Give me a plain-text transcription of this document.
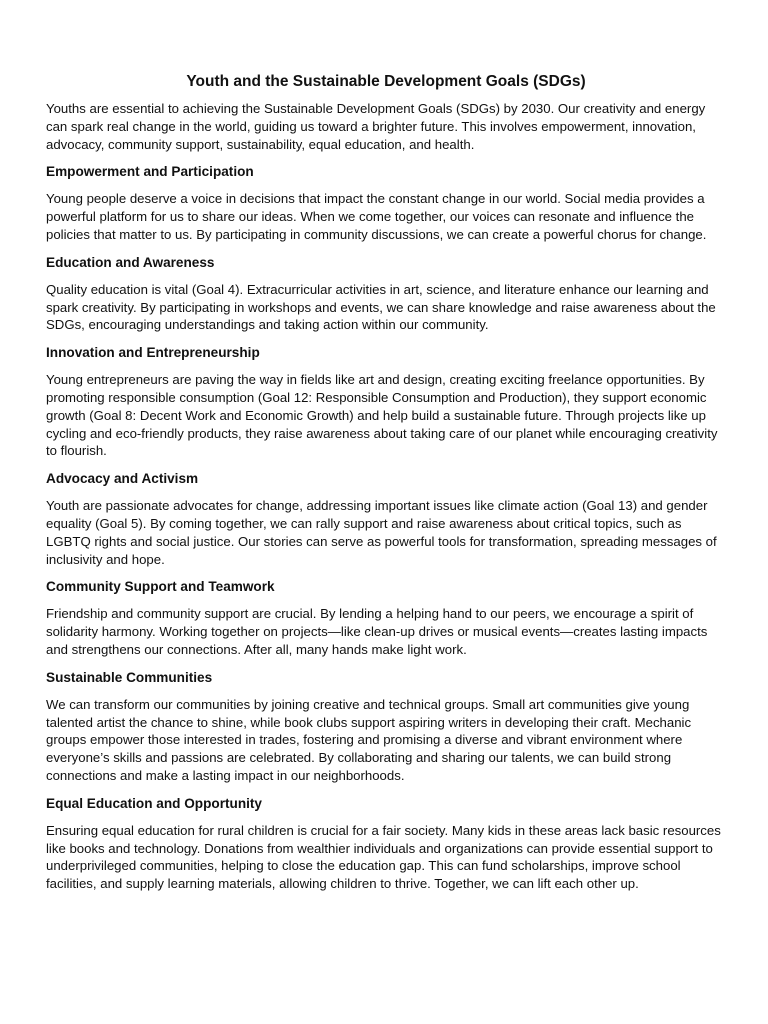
Youth and the Sustainable Development Goals (SDGs)

Youths are essential to achieving the Sustainable Development Goals (SDGs) by 2030. Our creativity and energy can spark real change in the world, guiding us toward a brighter future. This involves empowerment, innovation, advocacy, community support, sustainability, equal education, and health.

Empowerment and Participation

Young people deserve a voice in decisions that impact the constant change in our world. Social media provides a powerful platform for us to share our ideas. When we come together, our voices can resonate and influence the policies that matter to us. By participating in community discussions, we can create a powerful chorus for change.

Education and Awareness

Quality education is vital (Goal 4). Extracurricular activities in art, science, and literature enhance our learning and spark creativity. By participating in workshops and events, we can share knowledge and raise awareness about the SDGs, encouraging understandings and taking action within our community.

Innovation and Entrepreneurship

Young entrepreneurs are paving the way in fields like art and design, creating exciting freelance opportunities. By promoting responsible consumption (Goal 12: Responsible Consumption and Production), they support economic growth (Goal 8: Decent Work and Economic Growth) and help build a sustainable future. Through projects like up cycling and eco-friendly products, they raise awareness about taking care of our planet while encouraging creativity to flourish.

Advocacy and Activism

Youth are passionate advocates for change, addressing important issues like climate action (Goal 13) and gender equality (Goal 5). By coming together, we can rally support and raise awareness about critical topics, such as LGBTQ rights and social justice. Our stories can serve as powerful tools for transformation, spreading messages of inclusivity and hope.

Community Support and Teamwork

Friendship and community support are crucial. By lending a helping hand to our peers, we encourage a spirit of solidarity harmony. Working together on projects—like clean-up drives or musical events—creates lasting impacts and strengthens our connections. After all, many hands make light work.

Sustainable Communities

We can transform our communities by joining creative and technical groups. Small art communities give young talented artist the chance to shine, while book clubs support aspiring writers in developing their craft. Mechanic groups empower those interested in trades, fostering and promising a diverse and vibrant environment where everyone’s skills and passions are celebrated. By collaborating and sharing our talents, we can build strong connections and make a lasting impact in our neighborhoods.

Equal Education and Opportunity

Ensuring equal education for rural children is crucial for a fair society. Many kids in these areas lack basic resources like books and technology. Donations from wealthier individuals and organizations can provide essential support to underprivileged communities, helping to close the education gap. This can fund scholarships, improve school facilities, and supply learning materials, allowing children to thrive. Together, we can lift each other up.
